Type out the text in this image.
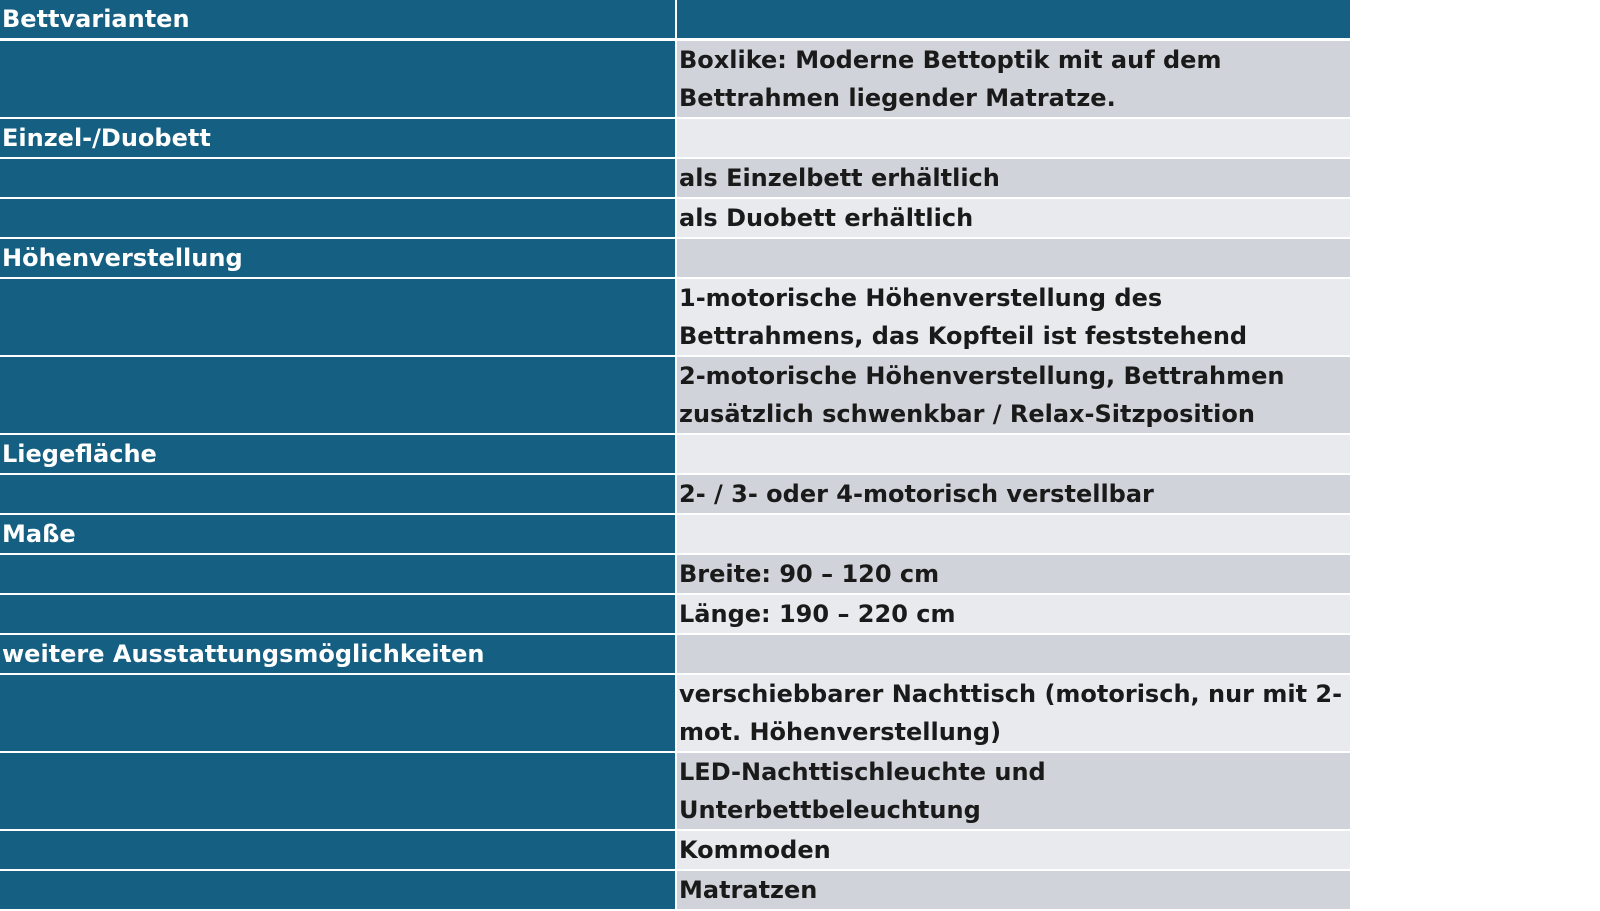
Bettvarianten	

	Boxlike: Moderne Bettoptik mit auf dem
Bettrahmen liegender Matratze.

Einzel-/Duobett	

	als Einzelbett erhältlich

	als Duobett erhältlich

Höhenverstellung	

	1-motorische Höhenverstellung des
Bettrahmens, das Kopfteil ist feststehend

	2-motorische Höhenverstellung, Bettrahmen
zusätzlich schwenkbar / Relax-Sitzposition

Liegefläche	

	2- / 3- oder 4-motorisch verstellbar

Maße	

	Breite: 90 – 120 cm

	Länge: 190 – 220 cm

weitere Ausstattungsmöglichkeiten	

	verschiebbarer Nachttisch (motorisch, nur mit 2-
mot. Höhenverstellung)

	LED-Nachttischleuchte und
Unterbettbeleuchtung

	Kommoden

	Matratzen
